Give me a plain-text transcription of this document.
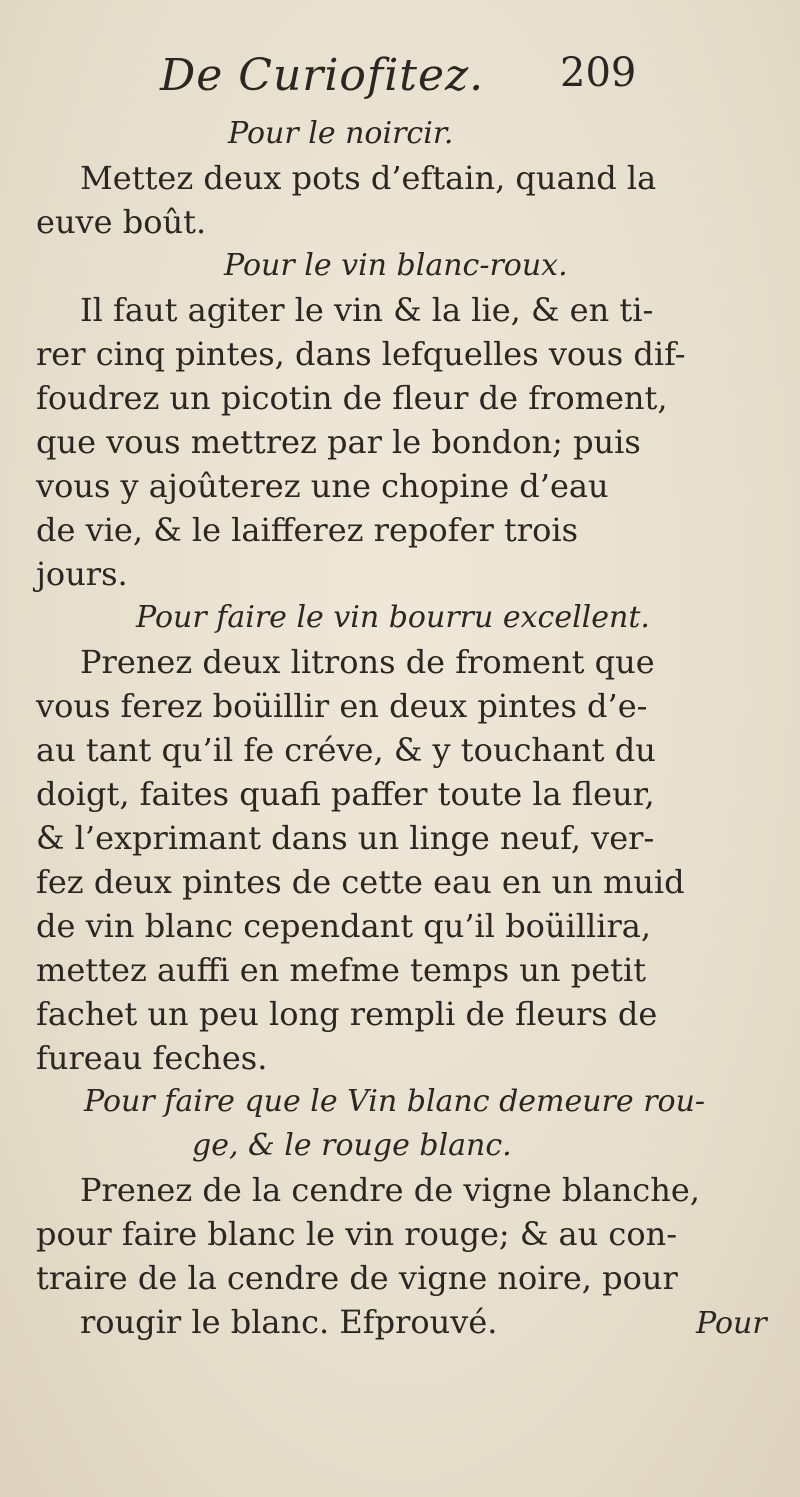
De Curiofitez. 209

Pour le noircir.

Mettez deux pots d’eftain, quand la
euve boût.

Pour le vin blanc-roux.

Il faut agiter le vin & la lie, & en ti-
rer cinq pintes, dans lefquelles vous dif-
foudrez un picotin de fleur de froment,
que vous mettrez par le bondon; puis
vous y ajoûterez une chopine d’eau
de vie, & le laifferez repofer trois
jours.

Pour faire le vin bourru excellent.

Prenez deux litrons de froment que
vous ferez boüillir en deux pintes d’e-
au tant qu’il fe créve, & y touchant du
doigt, faites quafi paffer toute la fleur,
& l’exprimant dans un linge neuf, ver-
fez deux pintes de cette eau en un muid
de vin blanc cependant qu’il boüillira,
mettez auffi en mefme temps un petit
fachet un peu long rempli de fleurs de
fureau feches.

Pour faire que le Vin blanc demeure rou-

ge, & le rouge blanc.

Prenez de la cendre de vigne blanche,
pour faire blanc le vin rouge; & au con-
traire de la cendre de vigne noire, pour
rougir le blanc. Efprouvé.	Pour
